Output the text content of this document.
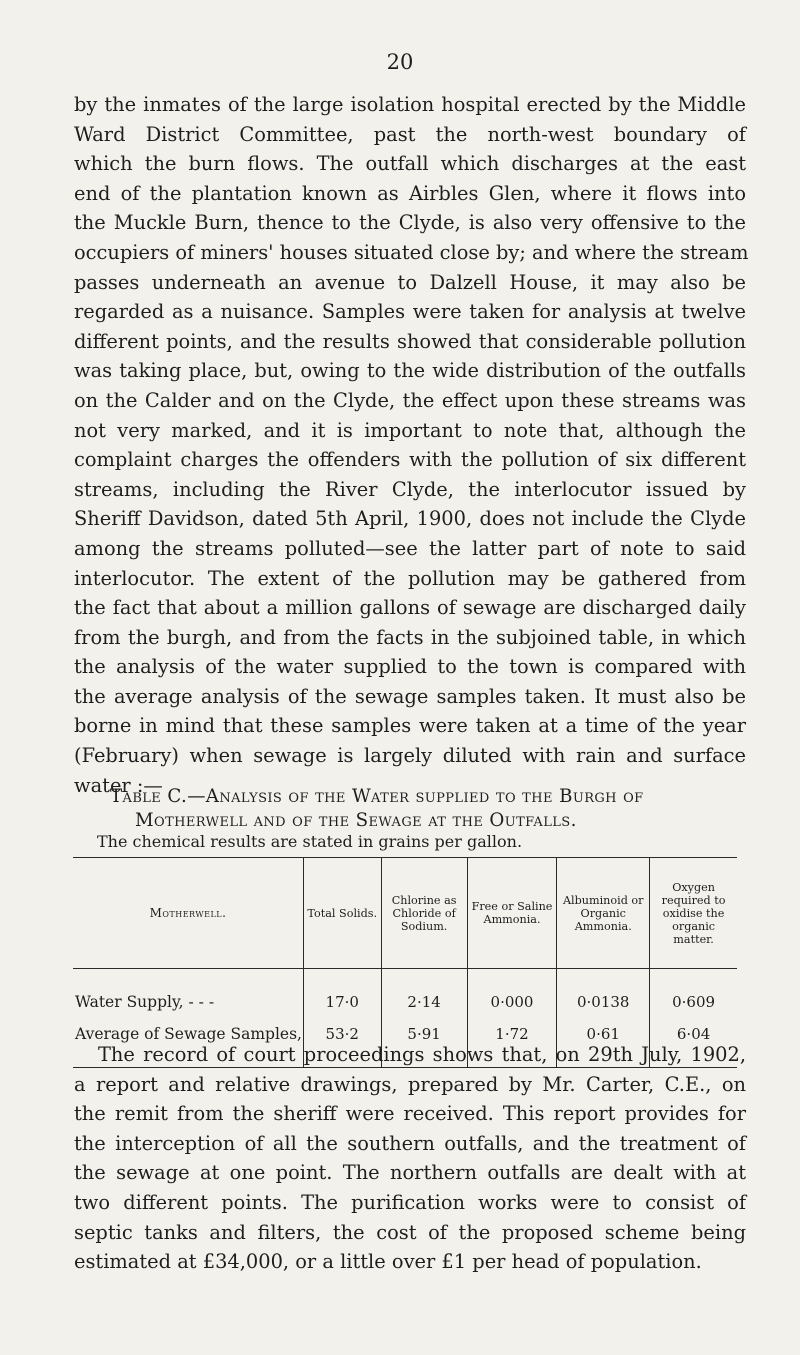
20
by the inmates of the large isolation hospital erected by the Middle
Ward District Committee, past the north-west boundary of
which the burn flows. The outfall which discharges at the east
end of the plantation known as Airbles Glen, where it flows into
the Muckle Burn, thence to the Clyde, is also very offensive to the
occupiers of miners' houses situated close by; and where the stream
passes underneath an avenue to Dalzell House, it may also be
regarded as a nuisance. Samples were taken for analysis at twelve
different points, and the results showed that considerable pollution
was taking place, but, owing to the wide distribution of the outfalls
on the Calder and on the Clyde, the effect upon these streams was
not very marked, and it is important to note that, although the
complaint charges the offenders with the pollution of six different
streams, including the River Clyde, the interlocutor issued by
Sheriff Davidson, dated 5th April, 1900, does not include the Clyde
among the streams polluted—see the latter part of note to said
interlocutor. The extent of the pollution may be gathered from
the fact that about a million gallons of sewage are discharged daily
from the burgh, and from the facts in the subjoined table, in which
the analysis of the water supplied to the town is compared with
the average analysis of the sewage samples taken. It must also be
borne in mind that these samples were taken at a time of the year
(February) when sewage is largely diluted with rain and surface
water :—
Table C.—Analysis of the Water supplied to the Burgh of
Motherwell and of the Sewage at the Outfalls.
The chemical results are stated in grains per gallon.
Motherwell.	Total Solids.	Chlorine as Chloride of Sodium.	Free or Saline Ammonia.	Albuminoid or Organic Ammonia.	Oxygen required to oxidise the organic matter.
Water Supply, - - -	17·0	2·14	0·000	0·0138	0·609
Average of Sewage Samples,	53·2	5·91	1·72	0·61	6·04
The record of court proceedings shows that, on 29th July, 1902,
a report and relative drawings, prepared by Mr. Carter, C.E., on
the remit from the sheriff were received. This report provides for
the interception of all the southern outfalls, and the treatment of
the sewage at one point. The northern outfalls are dealt with at
two different points. The purification works were to consist of
septic tanks and filters, the cost of the proposed scheme being
estimated at £34,000, or a little over £1 per head of population.
